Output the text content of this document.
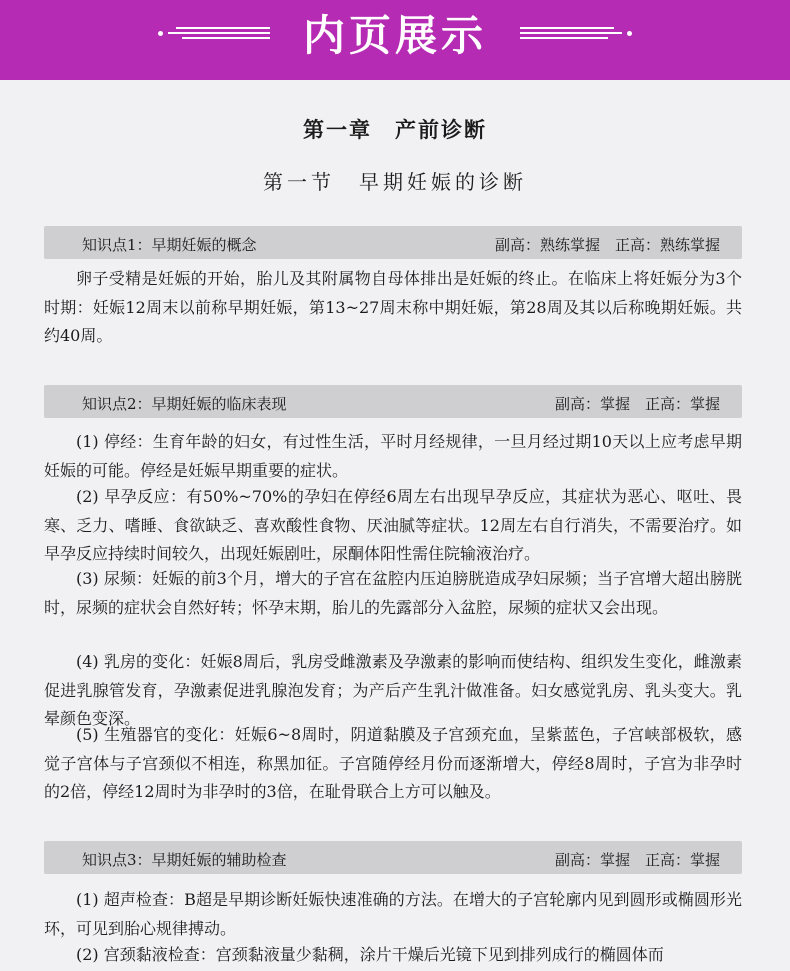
内页展示
第一章　产前诊断
第一节　早期妊娠的诊断
知识点1：早期妊娠的概念	副高：熟练掌握　正高：熟练掌握
卵子受精是妊娠的开始，胎儿及其附属物自母体排出是妊娠的终止。在临床上将妊娠分为3个时期：妊娠12周末以前称早期妊娠，第13~27周末称中期妊娠，第28周及其以后称晚期妊娠。共约40周。
知识点2：早期妊娠的临床表现	副高：掌握　正高：掌握
(1) 停经：生育年龄的妇女，有过性生活，平时月经规律，一旦月经过期10天以上应考虑早期妊娠的可能。停经是妊娠早期重要的症状。
(2) 早孕反应：有50%~70%的孕妇在停经6周左右出现早孕反应，其症状为恶心、呕吐、畏寒、乏力、嗜睡、食欲缺乏、喜欢酸性食物、厌油腻等症状。12周左右自行消失，不需要治疗。如早孕反应持续时间较久，出现妊娠剧吐，尿酮体阳性需住院输液治疗。
(3) 尿频：妊娠的前3个月，增大的子宫在盆腔内压迫膀胱造成孕妇尿频；当子宫增大超出膀胱时，尿频的症状会自然好转；怀孕末期，胎儿的先露部分入盆腔，尿频的症状又会出现。
(4) 乳房的变化：妊娠8周后，乳房受雌激素及孕激素的影响而使结构、组织发生变化，雌激素促进乳腺管发育，孕激素促进乳腺泡发育；为产后产生乳汁做准备。妇女感觉乳房、乳头变大。乳晕颜色变深。
(5) 生殖器官的变化：妊娠6~8周时，阴道黏膜及子宫颈充血，呈紫蓝色，子宫峡部极软，感觉子宫体与子宫颈似不相连，称黑加征。子宫随停经月份而逐渐增大，停经8周时，子宫为非孕时的2倍，停经12周时为非孕时的3倍，在耻骨联合上方可以触及。
知识点3：早期妊娠的辅助检查	副高：掌握　正高：掌握
(1) 超声检查：B超是早期诊断妊娠快速准确的方法。在增大的子宫轮廓内见到圆形或椭圆形光环，可见到胎心规律搏动。
(2) 宫颈黏液检查：宫颈黏液量少黏稠，涂片干燥后光镜下见到排列成行的椭圆体而
